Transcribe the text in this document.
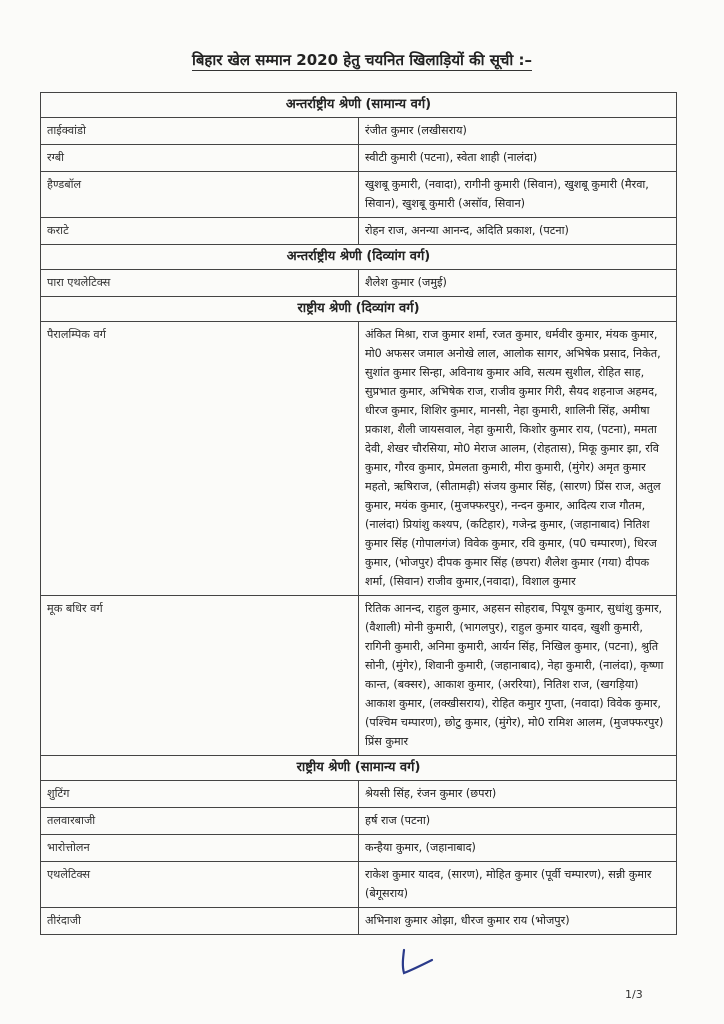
बिहार खेल सम्मान 2020 हेतु चयनित खिलाड़ियों की सूची :–
अन्तर्राष्ट्रीय श्रेणी (सामान्य वर्ग)	
ताईक्वांडो	रंजीत कुमार (लखीसराय)
रग्बी	स्वीटी कुमारी (पटना), स्वेता शाही (नालंदा)
हैण्डबॉल	खुशबू कुमारी, (नवादा), रागीनी कुमारी (सिवान), खुशबू कुमारी (मैरवा, सिवान), खुशबू कुमारी (असॉव, सिवान)
कराटे	रोहन राज, अनन्या आनन्द, अदिति प्रकाश, (पटना)
अन्तर्राष्ट्रीय श्रेणी (दिव्यांग वर्ग)	
पारा एथलेटिक्स	शैलेश कुमार (जमुई)
राष्ट्रीय श्रेणी (दिव्यांग वर्ग)	
पैरालम्पिक वर्ग	अंकित मिश्रा, राज कुमार शर्मा, रजत कुमार, धर्मवीर कुमार, मंयक कुमार, मो0 अफसर जमाल अनोखे लाल, आलोक सागर, अभिषेक प्रसाद, निकेत, सुशांत कुमार सिन्हा, अविनाथ कुमार अवि, सत्यम सुशील, रोहित साह, सुप्रभात कुमार, अभिषेक राज, राजीव कुमार गिरी, सैयद शहनाज अहमद, धीरज कुमार, शिशिर कुमार, मानसी, नेहा कुमारी, शालिनी सिंह, अमीषा प्रकाश, शैली जायसवाल, नेहा कुमारी, किशोर कुमार राय, (पटना), ममता देवी, शेखर चौरसिया, मो0 मेराज आलम, (रोहतास), मिकू कुमार झा, रवि कुमार, गौरव कुमार, प्रेमलता कुमारी, मीरा कुमारी, (मुंगेर) अमृत कुमार महतो, ऋषिराज, (सीतामढ़ी) संजय कुमार सिंह, (सारण) प्रिंस राज, अतुल कुमार, मयंक कुमार, (मुजफ्फरपुर), नन्दन कुमार, आदित्य राज गौतम, (नालंदा) प्रियांशु कश्यप, (कटिहार), गजेन्द्र कुमार, (जहानाबाद) नितिश कुमार सिंह (गोपालगंज) विवेक कुमार, रवि कुमार, (प0 चम्पारण), धिरज कुमार, (भोजपुर) दीपक कुमार सिंह (छपरा) शैलेश कुमार (गया) दीपक शर्मा, (सिवान) राजीव कुमार,(नवादा), विशाल कुमार
मूक बधिर वर्ग	रितिक आनन्द, राहुल कुमार, अहसन सोहराब, पियूष कुमार, सुधांशु कुमार, (वैशाली) मोनी कुमारी, (भागलपुर), राहुल कुमार यादव, खुशी कुमारी, रागिनी कुमारी, अनिमा कुमारी, आर्यन सिंह, निखिल कुमार, (पटना), श्रुति सोनी, (मुंगेर), शिवानी कुमारी, (जहानाबाद), नेहा कुमारी, (नालंदा), कृष्णा कान्त, (बक्सर), आकाश कुमार, (अररिया), नितिश राज, (खगड़िया) आकाश कुमार, (लक्खीसराय), रोहित कमुार गुप्ता, (नवादा) विवेक कुमार, (पश्चिम चम्पारण), छोटु कुमार, (मुंगेर), मो0 रामिश आलम, (मुजफ्फरपुर) प्रिंस कुमार
राष्ट्रीय श्रेणी (सामान्य वर्ग)	
शुटिंग	श्रेयसी सिंह, रंजन कुमार (छपरा)
तलवारबाजी	हर्ष राज (पटना)
भारोत्तोलन	कन्हैया कुमार, (जहानाबाद)
एथलेटिक्स	राकेश कुमार यादव, (सारण), मोहित कुमार (पूर्वी चम्पारण), सन्नी कुमार (बेगूसराय)
तीरंदाजी	अभिनाश कुमार ओझा, धीरज कुमार राय (भोजपुर)
1/3
